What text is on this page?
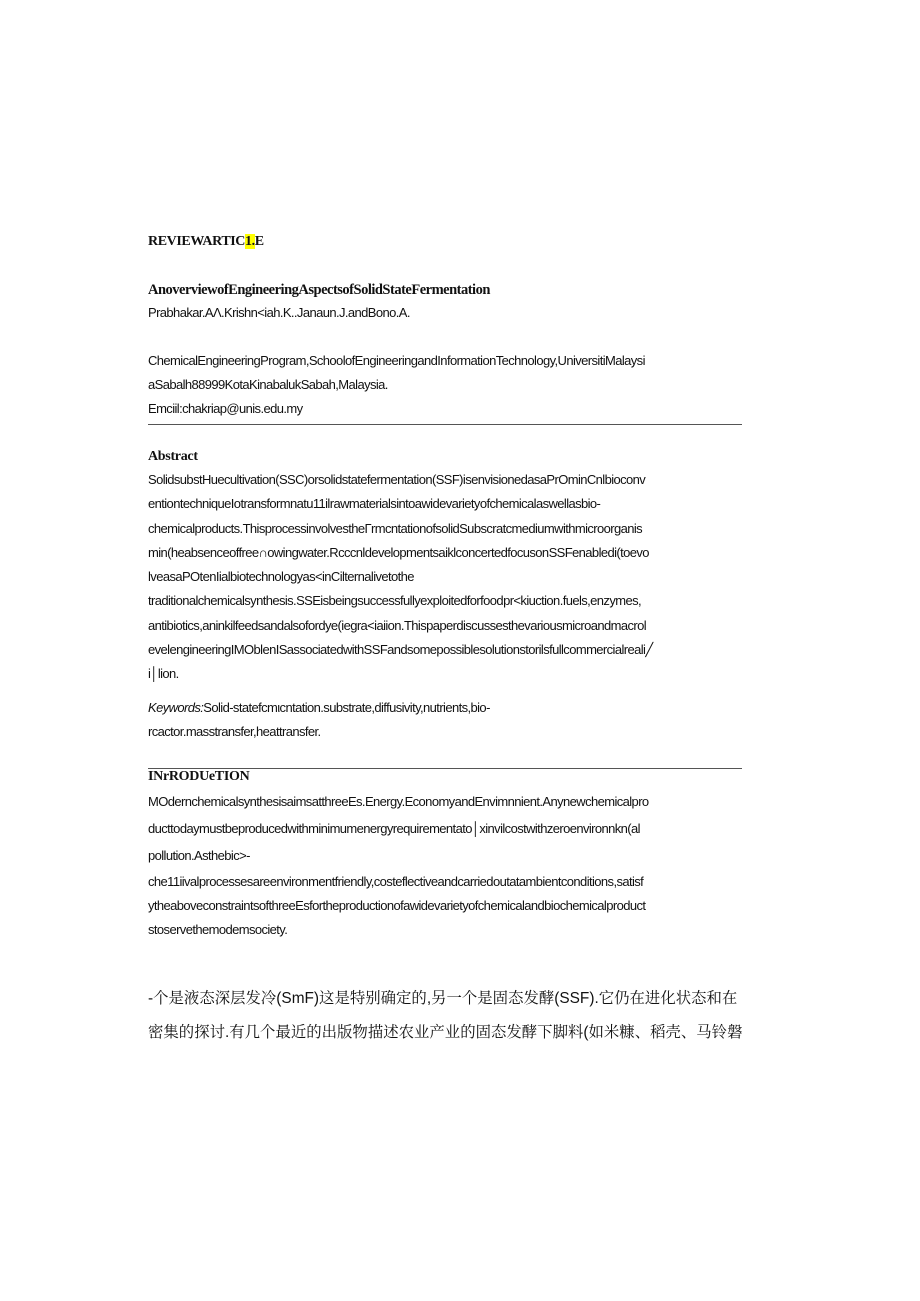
REVIEWARTIC1.E
AnoverviewofEngineeringAspectsofSolidStateFermentation
Prabhakar.AΛ.Krishn<iah.K..Janaun.J.andBono.A.
ChemicalEngineeringProgram,SchoolofEngineeringandInformationTechnology,UniversitiMalaysi
aSabalh88999KotaKinabalukSabah,Malaysia.
Emciil:chakriap@unis.edu.my
Abstract
SolidsubstHuecultivation(SSC)orsolidstatefermentation(SSF)isenvisionedasaPrOminCnlbioconv
entiontechniqueIotransformnatu11ilrawmaterialsintoawidevarietyofchemicalaswellasbio-
chemicalproducts.ThisprocessinvolvestheΓrmcntationofsolidSubscratcmediumwithmicroorganis
min(heabsenceoffree∩owingwater.RcccnldevelopmentsaiklconcertedfocusonSSFenabledi(toevo
lveasaPOtenIialbiotechnologyas<inCilternalivetothe
traditionalchemicalsynthesis.SSEisbeingsuccessfullyexploitedforfoodpr<kiuction.fuels,enzymes,
antibiotics,aninkilfeedsandalsofordye(iegra<iaiion.Thispaperdiscussesthevariousmicroandmacrol
evelengineeringIMOblenISassociatedwithSSFandsomepossiblesolutionstorilsfullcommercialreali╱
i│lion.
Keywords:Solid-statefcmιcntation.substrate,diffusivity,nutrients,bio-
rcactor.masstransfer,heattransfer.
INrRODUeTION
MOdernchemicalsynthesisaimsatthreeEs.Energy.EconomyandEnvimnnient.Anynewchemicalpro
ducttodaymustbeproducedwithminimumenergyrequirementato│xinvilcostwithzeroenvironnkn(al
pollution.Asthebic>-
che11iivalprocessesareenvironmentfriendly,costeflectiveandcarriedoutatambientconditions,satisf
ytheaboveconstraintsofthreeEsfortheproductionofawidevarietyofchemicalandbiochemicalproduct
stoservethemodemsociety.
-个是液态深层发冷(SmF)这是特别确定的,另一个是固态发酵(SSF).它仍在进化状态和在
密集的探讨.有几个最近的出版物描述农业产业的固态发酵下脚料(如米糠、稻壳、马铃磐
